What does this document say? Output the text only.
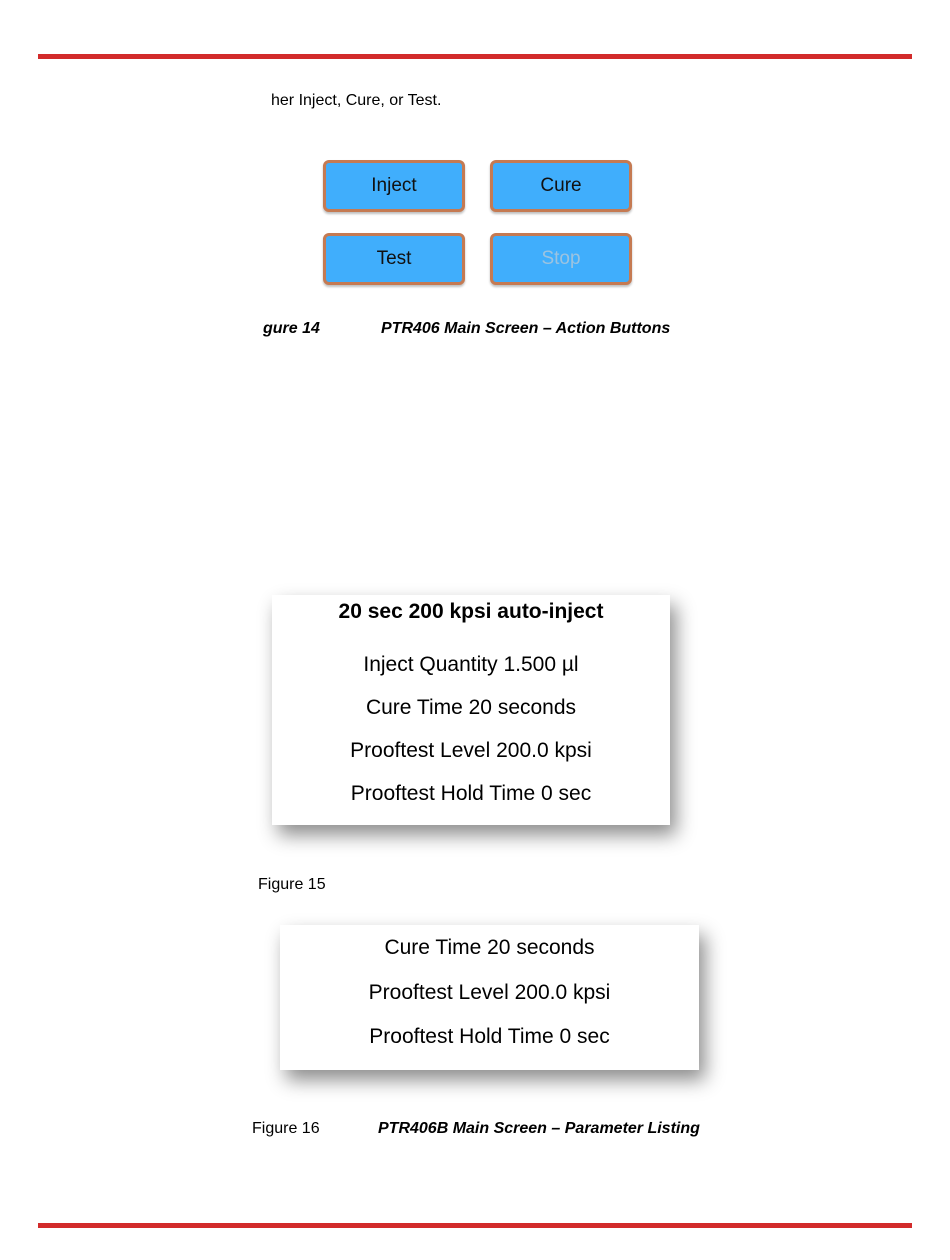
her Inject, Cure, or Test.
Inject	Cure
Test	Stop
gure 14	PTR406 Main Screen – Action Buttons
20 sec 200 kpsi auto-inject
Inject Quantity 1.500 µl
Cure Time 20 seconds
Prooftest Level 200.0 kpsi
Prooftest Hold Time 0 sec
Figure 15
Cure Time 20 seconds
Prooftest Level 200.0 kpsi
Prooftest Hold Time 0 sec
Figure 16	PTR406B Main Screen – Parameter Listing
